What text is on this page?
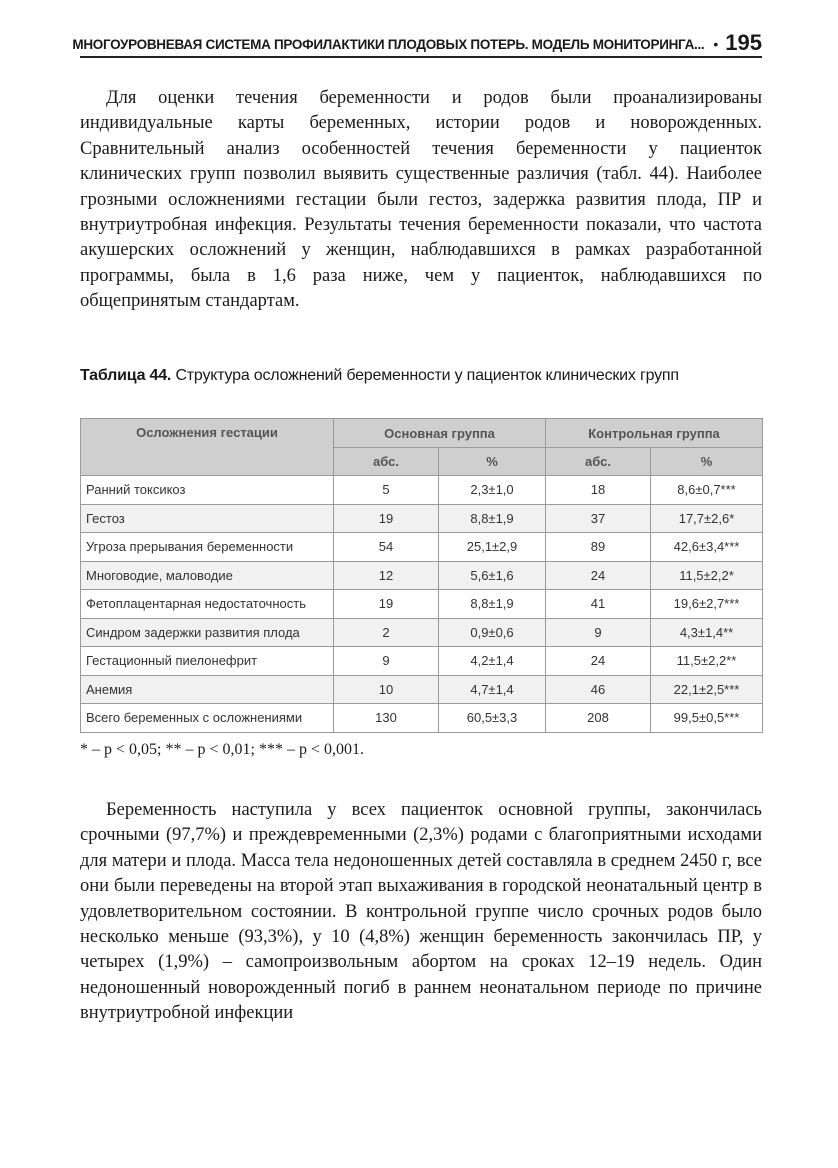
МНОГОУРОВНЕВАЯ СИСТЕМА ПРОФИЛАКТИКИ ПЛОДОВЫХ ПОТЕРЬ. МОДЕЛЬ МОНИТОРИНГА... • 195

Для оценки течения беременности и родов были проанализированы индивидуальные карты беременных, истории родов и новорожденных. Сравнительный анализ особенностей течения беременности у пациенток клинических групп позволил выявить существенные различия (табл. 44). Наиболее грозными осложнениями гестации были гестоз, задержка развития плода, ПР и внутриутробная инфекция. Результаты течения беременности показали, что частота акушерских осложнений у женщин, наблюдавшихся в рамках разработанной программы, была в 1,6 раза ниже, чем у пациенток, наблюдавшихся по общепринятым стандартам.

Таблица 44. Структура осложнений беременности у пациенток клинических групп
Осложнения гестации	Основная группа		Контрольная группа	
	абс.	%	абс.	%
Ранний токсикоз	5	2,3±1,0	18	8,6±0,7***
Гестоз	19	8,8±1,9	37	17,7±2,6*
Угроза прерывания беременности	54	25,1±2,9	89	42,6±3,4***
Многоводие, маловодие	12	5,6±1,6	24	11,5±2,2*
Фетоплацентарная недостаточность	19	8,8±1,9	41	19,6±2,7***
Синдром задержки развития плода	2	0,9±0,6	9	4,3±1,4**
Гестационный пиелонефрит	9	4,2±1,4	24	11,5±2,2**
Анемия	10	4,7±1,4	46	22,1±2,5***
Всего беременных с осложнениями	130	60,5±3,3	208	99,5±0,5***
* – p < 0,05; ** – p < 0,01; *** – p < 0,001.

Беременность наступила у всех пациенток основной группы, закончилась срочными (97,7%) и преждевременными (2,3%) родами с благоприятными исходами для матери и плода. Масса тела недоношенных детей составляла в среднем 2450 г, все они были переведены на второй этап выхаживания в городской неонатальный центр в удовлетворительном состоянии. В контрольной группе число срочных родов было несколько меньше (93,3%), у 10 (4,8%) женщин беременность закончилась ПР, у четырех (1,9%) – самопроизвольным абортом на сроках 12–19 недель. Один недоношенный новорожденный погиб в раннем неонатальном периоде по причине внутриутробной инфекции
